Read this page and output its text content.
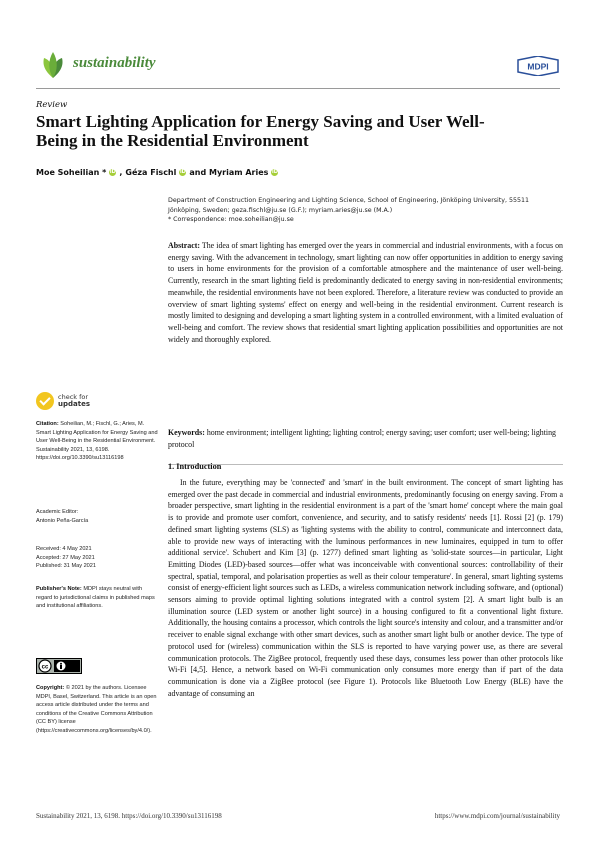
sustainability	MDPI
Review
Smart Lighting Application for Energy Saving and User Well-Being in the Residential Environment
Moe Soheilian * iD , Géza Fischl iD and Myriam Aries iD
Department of Construction Engineering and Lighting Science, School of Engineering, Jönköping University, 55511 Jönköping, Sweden; geza.fischl@ju.se (G.F.); myriam.aries@ju.se (M.A.)
* Correspondence: moe.soheilian@ju.se
Abstract: The idea of smart lighting has emerged over the years in commercial and industrial environments, with a focus on energy saving. With the advancement in technology, smart lighting can now offer opportunities in addition to energy saving to users in home environments for the provision of a comfortable atmosphere and the maintenance of user well-being. Currently, research in the smart lighting field is predominantly dedicated to energy saving in non-residential environments; meanwhile, the residential environments have not been explored. Therefore, a literature review was conducted to provide an overview of smart lighting systems' effect on energy and well-being in the residential environment. Current research is mostly limited to designing and developing a smart lighting system in a controlled environment, with a limited evaluation of well-being and comfort. The review shows that residential smart lighting application possibilities and opportunities are not widely and thoroughly explored.
Keywords: home environment; intelligent lighting; lighting control; energy saving; user comfort; user well-being; lighting protocol
1. Introduction

In the future, everything may be 'connected' and 'smart' in the built environment. The concept of smart lighting has emerged over the past decade in commercial and industrial environments, predominantly focusing on energy saving. From a broader perspective, smart lighting in the residential environment is a part of the 'smart home' concept where the main goal is to provide and promote user comfort, convenience, and security, and to satisfy residents' needs [1]. Rossi [2] (p. 179) defined smart lighting systems (SLS) as 'lighting systems with the ability to control, communicate and interconnect data, able to provide new ways of interacting with the luminous performances in new luminaires, equipped in turn to offer additional service'. Schubert and Kim [3] (p. 1277) defined smart lighting as 'solid-state sources—in particular, Light Emitting Diodes (LED)-based sources—offer what was inconceivable with conventional sources: controllability of their spectral, spatial, temporal, and polarisation properties as well as their colour temperature'. In general, smart lighting systems consist of energy-efficient light sources such as LEDs, a wireless communication network including software, and (optional) sensors aiming to provide optimal lighting solutions integrated with a control system [2]. A smart light bulb is an illumination source (LED system or another light source) in a housing configured to fit a conventional light fixture. Additionally, the housing contains a processor, which controls the light source's intensity and colour, and a transmitter and/or receiver to enable signal exchange with other smart devices, such as another smart light bulb or another device. The type of protocol used for (wireless) communication within the SLS is reported to have varying power use, as there are several communication protocols. The ZigBee protocol, frequently used these days, consumes less power than other protocols like Wi-Fi [4,5]. Hence, a network based on Wi-Fi communication only consumes more energy than if part of the data communication is done via a ZigBee protocol (see Figure 1). Protocols like Bluetooth Low Energy (BLE) have the advantage of consuming an

check for
updates
Citation: Soheilian, M.; Fischl, G.; Aries, M. Smart Lighting Application for Energy Saving and User Well-Being in the Residential Environment. Sustainability 2021, 13, 6198. https://doi.org/10.3390/su13116198
Academic Editor:
Antonio Peña-García
Received: 4 May 2021
Accepted: 27 May 2021
Published: 31 May 2021
Publisher's Note: MDPI stays neutral with regard to jurisdictional claims in published maps and institutional affiliations.
cc
Copyright: © 2021 by the authors. Licensee MDPI, Basel, Switzerland. This article is an open access article distributed under the terms and conditions of the Creative Commons Attribution (CC BY) license (https://creativecommons.org/licenses/by/4.0/).
Sustainability 2021, 13, 6198. https://doi.org/10.3390/su13116198	https://www.mdpi.com/journal/sustainability
